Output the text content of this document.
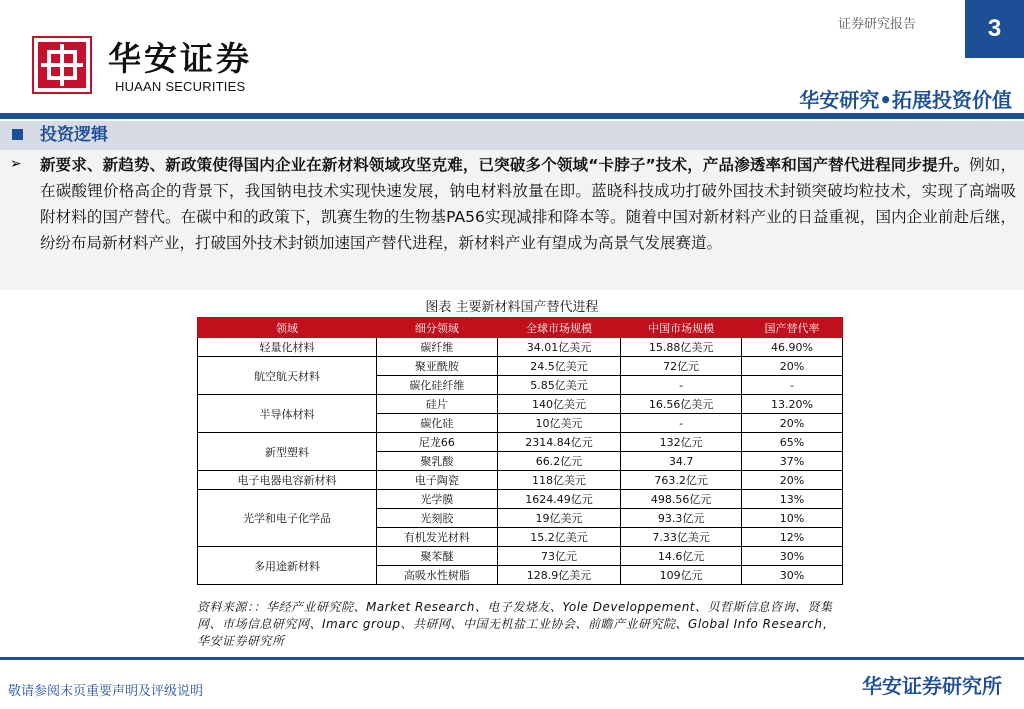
华安证券
HUAAN SECURITIES
证券研究报告	3
华安研究•拓展投资价值
投资逻辑
➢ 新要求、新趋势、新政策使得国内企业在新材料领域攻坚克难，已突破多个领域“卡脖子”技术，产品渗透率和国产替代进程同步提升。例如，在碳酸锂价格高企的背景下，我国钠电技术实现快速发展，钠电材料放量在即。蓝晓科技成功打破外国技术封锁突破均粒技术，实现了高端吸附材料的国产替代。在碳中和的政策下，凯赛生物的生物基PA56实现减排和降本等。随着中国对新材料产业的日益重视，国内企业前赴后继，纷纷布局新材料产业，打破国外技术封锁加速国产替代进程，新材料产业有望成为高景气发展赛道。
图表 主要新材料国产替代进程
领域	细分领域	全球市场规模	中国市场规模	国产替代率
轻量化材料	碳纤维	34.01亿美元	15.88亿美元	46.90%
航空航天材料	聚亚酰胺	24.5亿美元	72亿元	20%
	碳化硅纤维	5.85亿美元	-	-
半导体材料	硅片	140亿美元	16.56亿美元	13.20%
	碳化硅	10亿美元	-	20%
新型塑料	尼龙66	2314.84亿元	132亿元	65%
	聚乳酸	66.2亿元	34.7	37%
电子电器电容新材料	电子陶瓷	118亿美元	763.2亿元	20%
光学和电子化学品	光学膜	1624.49亿元	498.56亿元	13%
	光刻胶	19亿美元	93.3亿元	10%
	有机发光材料	15.2亿美元	7.33亿美元	12%
多用途新材料	聚苯醚	73亿元	14.6亿元	30%
	高吸水性树脂	128.9亿美元	109亿元	30%
资料来源：：华经产业研究院、Market Research、电子发烧友、Yole Developpement、贝哲斯信息咨询、贤集网、市场信息研究网、Imarc group、共研网、中国无机盐工业协会、前瞻产业研究院、Global Info Research，华安证券研究所
敬请参阅末页重要声明及评级说明	华安证券研究所
